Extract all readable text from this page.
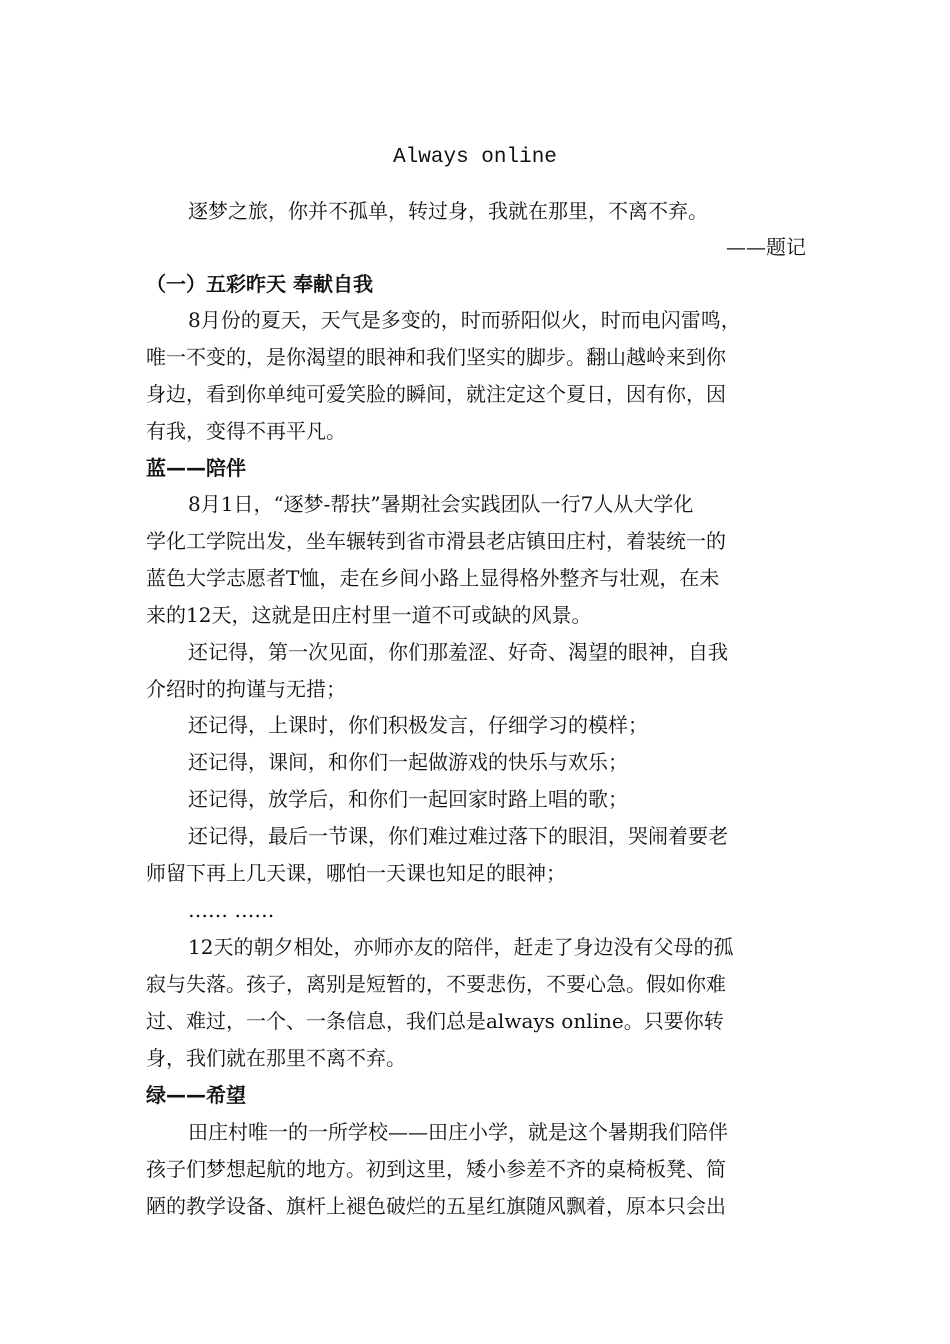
Always online
逐梦之旅，你并不孤单，转过身，我就在那里，不离不弃。
——题记
（一）五彩昨天 奉献自我
8月份的夏天，天气是多变的，时而骄阳似火，时而电闪雷鸣，
唯一不变的，是你渴望的眼神和我们坚实的脚步。翻山越岭来到你
身边，看到你单纯可爱笑脸的瞬间，就注定这个夏日，因有你，因
有我，变得不再平凡。
蓝——陪伴
8月1日，“逐梦-帮扶”暑期社会实践团队一行7人从大学化
学化工学院出发，坐车辗转到省市滑县老店镇田庄村，着装统一的
蓝色大学志愿者T恤，走在乡间小路上显得格外整齐与壮观，在未
来的12天，这就是田庄村里一道不可或缺的风景。
还记得，第一次见面，你们那羞涩、好奇、渴望的眼神，自我
介绍时的拘谨与无措；
还记得，上课时，你们积极发言，仔细学习的模样；
还记得，课间，和你们一起做游戏的快乐与欢乐；
还记得，放学后，和你们一起回家时路上唱的歌；
还记得，最后一节课，你们难过难过落下的眼泪，哭闹着要老
师留下再上几天课，哪怕一天课也知足的眼神；
…… ……
12天的朝夕相处，亦师亦友的陪伴，赶走了身边没有父母的孤
寂与失落。孩子，离别是短暂的，不要悲伤，不要心急。假如你难
过、难过，一个、一条信息，我们总是always online。只要你转
身，我们就在那里不离不弃。
绿——希望
田庄村唯一的一所学校——田庄小学，就是这个暑期我们陪伴
孩子们梦想起航的地方。初到这里，矮小参差不齐的桌椅板凳、简
陋的教学设备、旗杆上褪色破烂的五星红旗随风飘着，原本只会出
